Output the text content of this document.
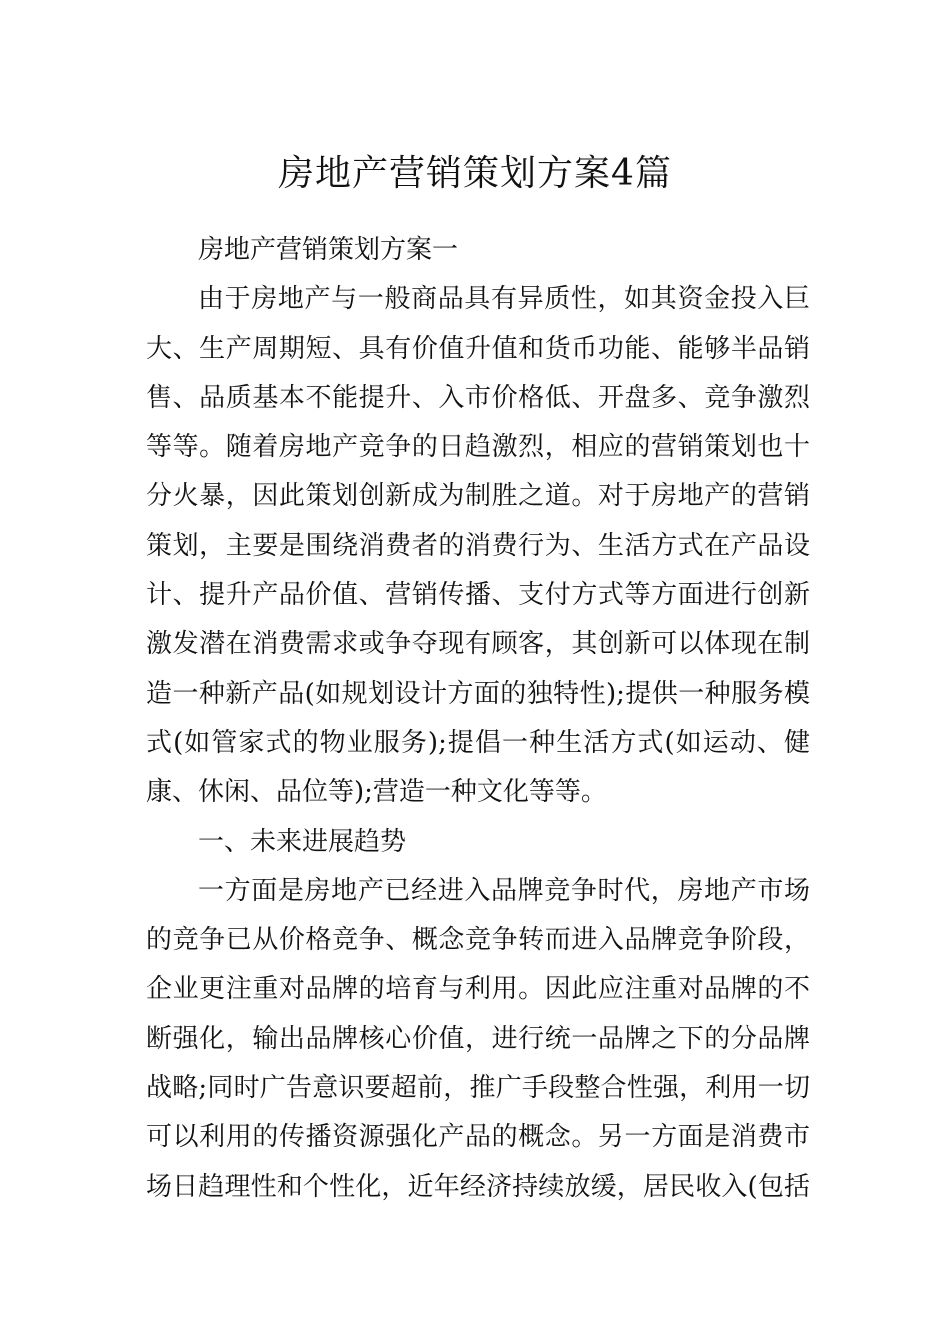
房地产营销策划方案4篇
房地产营销策划方案一
由于房地产与一般商品具有异质性，如其资金投入巨
大、生产周期短、具有价值升值和货币功能、能够半品销
售、品质基本不能提升、入市价格低、开盘多、竞争激烈
等等。随着房地产竞争的日趋激烈，相应的营销策划也十
分火暴，因此策划创新成为制胜之道。对于房地产的营销
策划，主要是围绕消费者的消费行为、生活方式在产品设
计、提升产品价值、营销传播、支付方式等方面进行创新
激发潜在消费需求或争夺现有顾客，其创新可以体现在制
造一种新产品(如规划设计方面的独特性);提供一种服务模
式(如管家式的物业服务);提倡一种生活方式(如运动、健
康、休闲、品位等);营造一种文化等等。
一、未来进展趋势
一方面是房地产已经进入品牌竞争时代，房地产市场
的竞争已从价格竞争、概念竞争转而进入品牌竞争阶段，
企业更注重对品牌的培育与利用。因此应注重对品牌的不
断强化，输出品牌核心价值，进行统一品牌之下的分品牌
战略;同时广告意识要超前，推广手段整合性强，利用一切
可以利用的传播资源强化产品的概念。另一方面是消费市
场日趋理性和个性化，近年经济持续放缓，居民收入(包括
